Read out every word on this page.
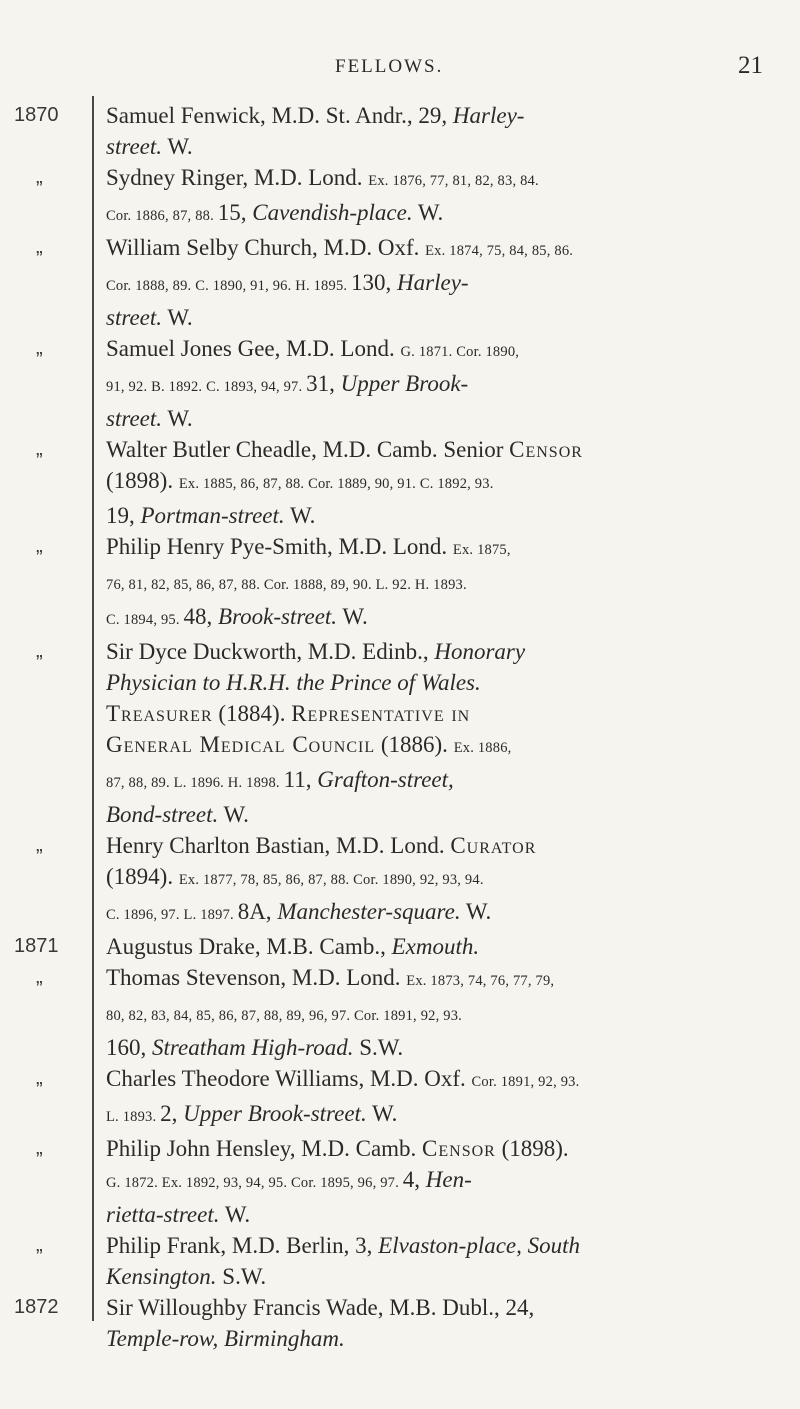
FELLOWS.	21
1870	Samuel Fenwick, M.D. St. Andr., 29, Harley-
street. W.
„	Sydney Ringer, M.D. Lond. Ex. 1876, 77, 81, 82, 83, 84.
Cor. 1886, 87, 88. 15, Cavendish-place. W.
„	William Selby Church, M.D. Oxf. Ex. 1874, 75, 84, 85, 86.
Cor. 1888, 89. C. 1890, 91, 96. H. 1895. 130, Harley-
street. W.
„	Samuel Jones Gee, M.D. Lond. G. 1871. Cor. 1890,
91, 92. B. 1892. C. 1893, 94, 97. 31, Upper Brook-
street. W.
„	Walter Butler Cheadle, M.D. Camb. Senior Censor
(1898). Ex. 1885, 86, 87, 88. Cor. 1889, 90, 91. C. 1892, 93.
19, Portman-street. W.
„	Philip Henry Pye-Smith, M.D. Lond. Ex. 1875,
76, 81, 82, 85, 86, 87, 88. Cor. 1888, 89, 90. L. 92. H. 1893.
C. 1894, 95. 48, Brook-street. W.
„	Sir Dyce Duckworth, M.D. Edinb., Honorary
Physician to H.R.H. the Prince of Wales.
Treasurer (1884). Representative in
General Medical Council (1886). Ex. 1886,
87, 88, 89. L. 1896. H. 1898. 11, Grafton-street,
Bond-street. W.
„	Henry Charlton Bastian, M.D. Lond. Curator
(1894). Ex. 1877, 78, 85, 86, 87, 88. Cor. 1890, 92, 93, 94.
C. 1896, 97. L. 1897. 8A, Manchester-square. W.
1871	Augustus Drake, M.B. Camb., Exmouth.
„	Thomas Stevenson, M.D. Lond. Ex. 1873, 74, 76, 77, 79,
80, 82, 83, 84, 85, 86, 87, 88, 89, 96, 97. Cor. 1891, 92, 93.
160, Streatham High-road. S.W.
„	Charles Theodore Williams, M.D. Oxf. Cor. 1891, 92, 93.
L. 1893. 2, Upper Brook-street. W.
„	Philip John Hensley, M.D. Camb. Censor (1898).
G. 1872. Ex. 1892, 93, 94, 95. Cor. 1895, 96, 97. 4, Hen-
rietta-street. W.
„	Philip Frank, M.D. Berlin, 3, Elvaston-place, South
Kensington. S.W.
1872	Sir Willoughby Francis Wade, M.B. Dubl., 24,
Temple-row, Birmingham.
